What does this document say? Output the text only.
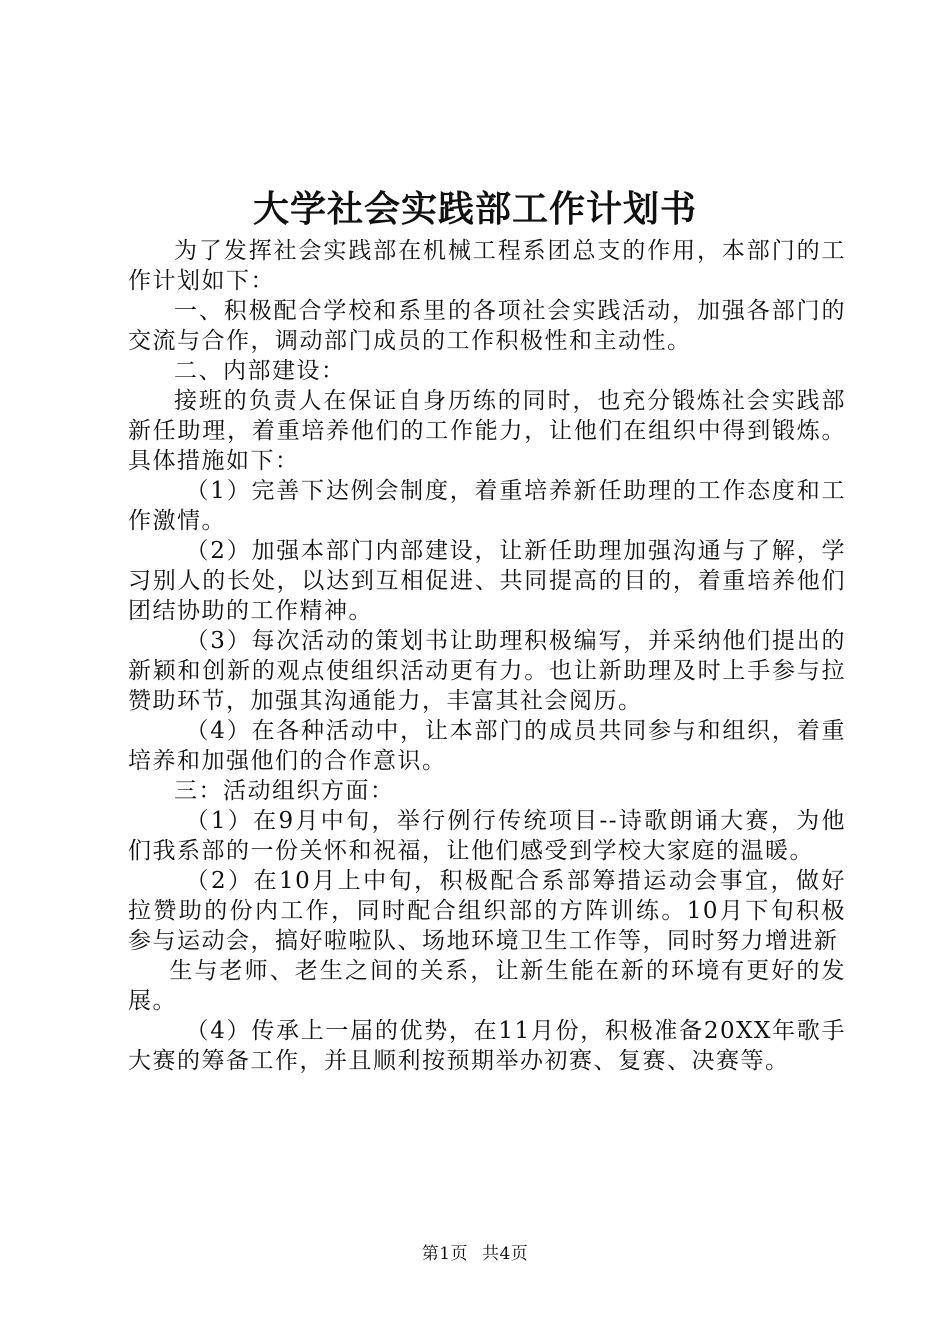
大学社会实践部工作计划书

为了发挥社会实践部在机械工程系团总支的作用，本部门的工作计划如下：

一、积极配合学校和系里的各项社会实践活动，加强各部门的交流与合作，调动部门成员的工作积极性和主动性。

二、内部建设：

接班的负责人在保证自身历练的同时，也充分锻炼社会实践部新任助理，着重培养他们的工作能力，让他们在组织中得到锻炼。具体措施如下：

（1）完善下达例会制度，着重培养新任助理的工作态度和工作激情。

（2）加强本部门内部建设，让新任助理加强沟通与了解，学习别人的长处，以达到互相促进、共同提高的目的，着重培养他们团结协助的工作精神。

（3）每次活动的策划书让助理积极编写，并采纳他们提出的新颖和创新的观点使组织活动更有力。也让新助理及时上手参与拉赞助环节，加强其沟通能力，丰富其社会阅历。

（4）在各种活动中，让本部门的成员共同参与和组织，着重培养和加强他们的合作意识。

三：活动组织方面：

（1）在9月中旬，举行例行传统项目--诗歌朗诵大赛，为他们我系部的一份关怀和祝福，让他们感受到学校大家庭的温暖。

（2）在10月上中旬，积极配合系部筹措运动会事宜，做好拉赞助的份内工作，同时配合组织部的方阵训练。10月下旬积极参与运动会，搞好啦啦队、场地环境卫生工作等，同时努力增进新

生与老师、老生之间的关系，让新生能在新的环境有更好的发展。

（4）传承上一届的优势，在11月份，积极准备20XX年歌手大赛的筹备工作，并且顺利按预期举办初赛、复赛、决赛等。

第1页 共4页
